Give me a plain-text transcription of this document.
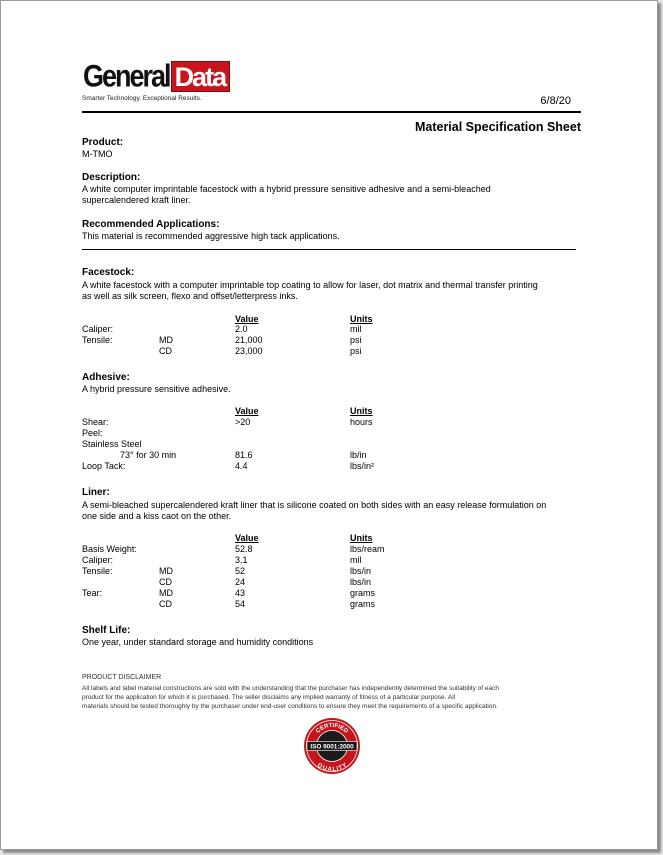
General Data
Smarter Technology. Exceptional Results.	6/8/20
Material Specification Sheet
Product:
M-TMO
Description:
A white computer imprintable facestock with a hybrid pressure sensitive adhesive and a semi-bleached
supercalendered kraft liner.
Recommended Applications:
This material is recommended aggressive high tack applications.
Facestock:
A white facestock with a computer imprintable top coating to allow for laser, dot matrix and thermal transfer printing
as well as silk screen, flexo and offset/letterpress inks.
Value	Units
Caliper:	2.0	mil
Tensile:	MD	21,000	psi
CD	23,000	psi
Adhesive:
A hybrid pressure sensitive adhesive.
Value	Units
Shear:	>20	hours
Peel:
Stainless Steel
73° for 30 min	81.6	lb/in
Loop Tack:	4.4	lbs/in²
Liner:
A semi-bleached supercalendered kraft liner that is silicone coated on both sides with an easy release formulation on
one side and a kiss caot on the other.
Value	Units
Basis Weight:	52.8	lbs/ream
Caliper:	3.1	mil
Tensile:	MD	52	lbs/in
CD	24	lbs/in
Tear:	MD	43	grams
CD	54	grams
Shelf Life:
One year, under standard storage and humidity conditions
PRODUCT DISCLAIMER
All labels and label material constructions are sold with the understanding that the purchaser has independently determined the suitability of each
product for the application for which it is purchased. The seller disclaims any implied warranty of fitness of a particular purpose. All
materials should be tested thoroughly by the purchaser under end-user conditions to ensure they meet the requirements of a specific application.
CERTIFIED
QUALITY
ISO 9001:2000
